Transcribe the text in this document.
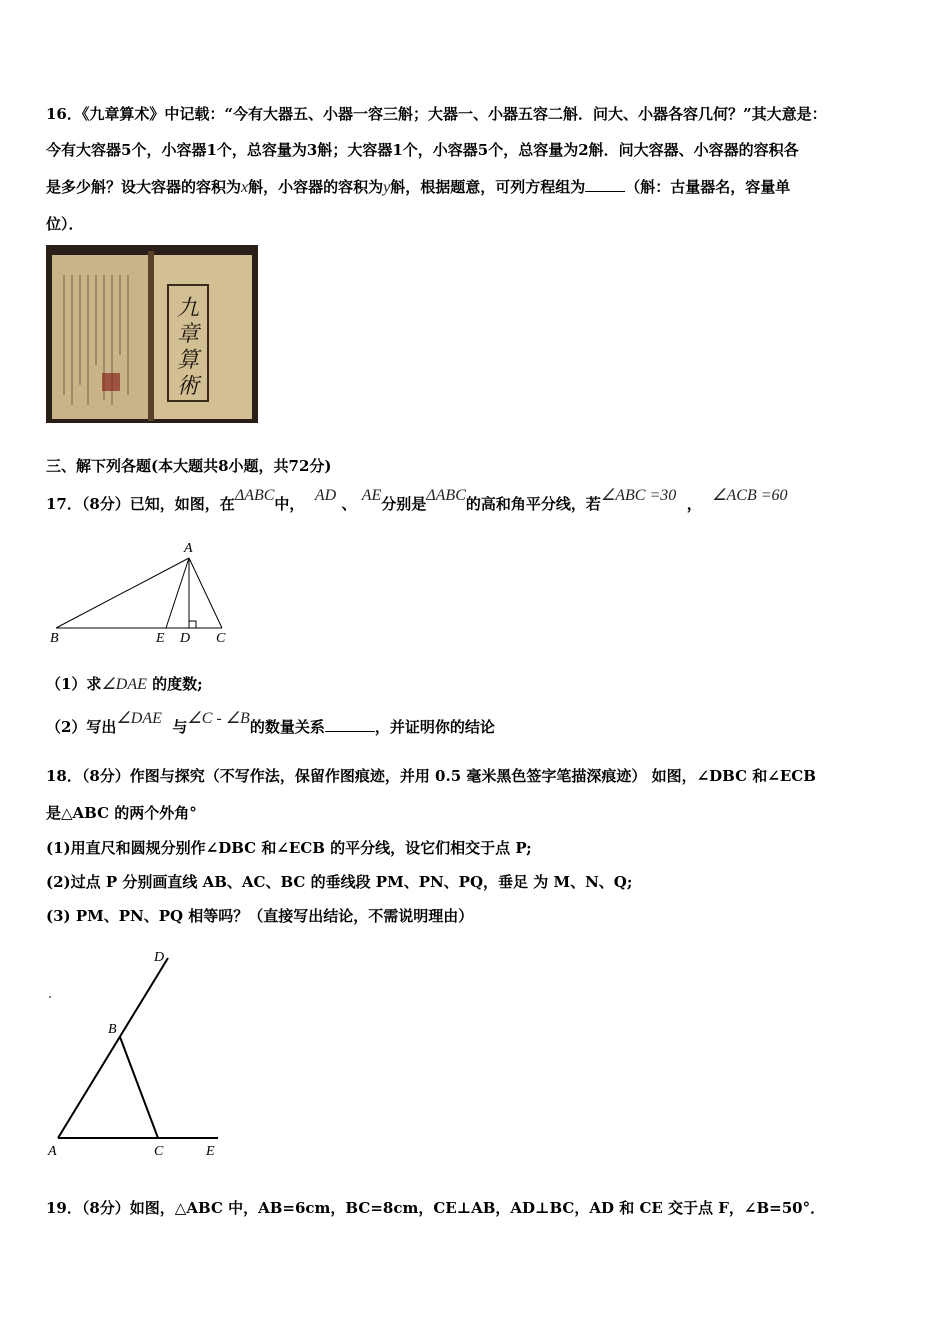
16．《九章算术》中记载：“今有大器五、小器一容三斛；大器一、小器五容二斛．问大、小器各容几何？”其大意是：
今有大容器5个，小容器1个，总容量为3斛；大容器1个，小容器5个，总容量为2斛．问大容器、小容器的容积各
是多少斛？设大容器的容积为x斛，小容器的容积为y斛，根据题意，可列方程组为	（斛：古量器名，容量单
位）．
九
章
算
術
三、解下列各题(本大题共8小题，共72分)
17．（8分）已知，如图，在ΔABC中， AD 、 AE分别是ΔABC的高和角平分线，若∠ABC =30 ， ∠ACB =60
A
B	E D C
（1）求∠DAE 的度数;
（2）写出∠DAE 与∠C - ∠B的数量关系	，并证明你的结论
18．（8分）作图与探究（不写作法，保留作图痕迹，并用 0.5 毫米黑色签字笔描深痕迹） 如图，∠DBC 和∠ECB
是△ABC 的两个外角°
(1)用直尺和圆规分别作∠DBC 和∠ECB 的平分线，设它们相交于点 P;
(2)过点 P 分别画直线 AB、AC、BC 的垂线段 PM、PN、PQ，垂足 为 M、N、Q;
(3) PM、PN、PQ 相等吗？（直接写出结论，不需说明理由）
D
B
A	C	E
19．（8分）如图，△ABC 中，AB=6cm，BC=8cm，CE⊥AB，AD⊥BC，AD 和 CE 交于点 F，∠B=50°．
